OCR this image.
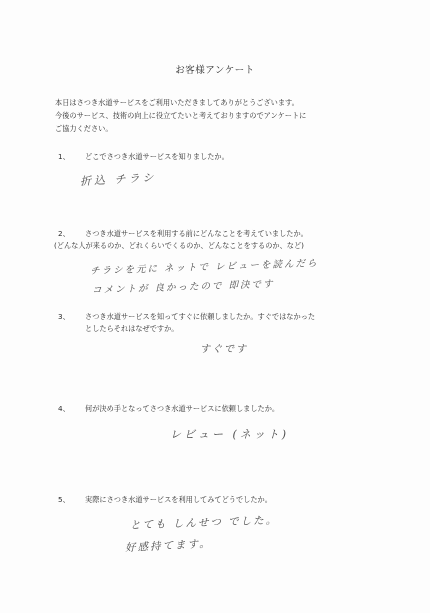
お客様アンケート
本日はさつき水道サービスをご利用いただきましてありがとうございます。
今後のサービス、技術の向上に役立てたいと考えておりますのでアンケートに
ご協力ください。
1、 どこでさつき水道サービスを知りましたか。
折込 チラシ
2、 さつき水道サービスを利用する前にどんなことを考えていましたか。
(どんな人が来るのか、どれくらいでくるのか、どんなことをするのか、など)
チラシを元に ネットで レビューを読んだら
コメントが 良かったので 即決です
3、 さつき水道サービスを知ってすぐに依頼しましたか。すぐではなかった
としたらそれはなぜですか。
すぐです
4、 何が決め手となってさつき水道サービスに依頼しましたか。
レビュー (ネット)
5、 実際にさつき水道サービスを利用してみてどうでしたか。
とても しんせつ でした。
好感持てます。
